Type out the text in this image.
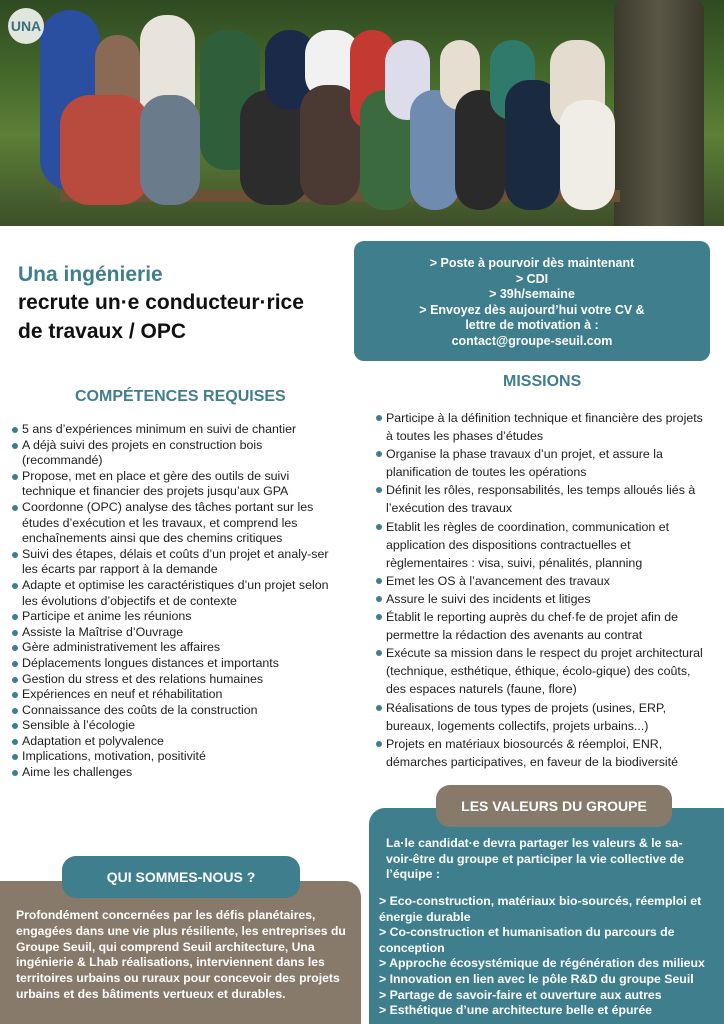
UNA
Una ingénierie
recrute un·e conducteur·rice
de travaux / OPC
> Poste à pourvoir dès maintenant
> CDI
> 39h/semaine
> Envoyez dès aujourd’hui votre CV &
lettre de motivation à :
contact@groupe-seuil.com
COMPÉTENCES REQUISES
5 ans d’expériences minimum en suivi de chantier
A déjà suivi des projets en construction bois (recommandé)
Propose, met en place et gère des outils de suivi technique et financier des projets jusqu’aux GPA
Coordonne (OPC) analyse des tâches portant sur les études d’exécution et les travaux, et comprend les enchaînements ainsi que des chemins critiques
Suivi des étapes, délais et coûts d’un projet et analy-ser les écarts par rapport à la demande
Adapte et optimise les caractéristiques d’un projet selon les évolutions d’objectifs et de contexte
Participe et anime les réunions
Assiste la Maîtrise d’Ouvrage
Gère administrativement les affaires
Déplacements longues distances et importants
Gestion du stress et des relations humaines
Expériences en neuf et réhabilitation
Connaissance des coûts de la construction
Sensible à l’écologie
Adaptation et polyvalence
Implications, motivation, positivité
Aime les challenges
MISSIONS
Participe à la définition technique et financière des projets à toutes les phases d’études
Organise la phase travaux d’un projet, et assure la planification de toutes les opérations
Définit les rôles, responsabilités, les temps alloués liés à l’exécution des travaux
Etablit les règles de coordination, communication et application des dispositions contractuelles et règlementaires : visa, suivi, pénalités, planning
Emet les OS à l’avancement des travaux
Assure le suivi des incidents et litiges
Établit le reporting auprès du chef·fe de projet afin de permettre la rédaction des avenants au contrat
Exécute sa mission dans le respect du projet architectural (technique, esthétique, éthique, écolo-gique) des coûts, des espaces naturels (faune, flore)
Réalisations de tous types de projets (usines, ERP, bureaux, logements collectifs, projets urbains...)
Projets en matériaux biosourcés & réemploi, ENR, démarches participatives, en faveur de la biodiversité
LES VALEURS DU GROUPE
La·le candidat·e devra partager les valeurs & le sa-voir-être du groupe et participer la vie collective de l’équipe :
> Eco-construction, matériaux bio-sourcés, réemploi et énergie durable
> Co-construction et humanisation du parcours de conception
> Approche écosystémique de régénération des milieux
> Innovation en lien avec le pôle R&D du groupe Seuil
> Partage de savoir-faire et ouverture aux autres
> Esthétique d’une architecture belle et épurée
QUI SOMMES-NOUS ?
Profondément concernées par les défis planétaires, engagées dans une vie plus résiliente, les entreprises du Groupe Seuil, qui comprend Seuil architecture, Una ingénierie & Lhab réalisations, interviennent dans les territoires urbains ou ruraux pour concevoir des projets urbains et des bâtiments vertueux et durables.
